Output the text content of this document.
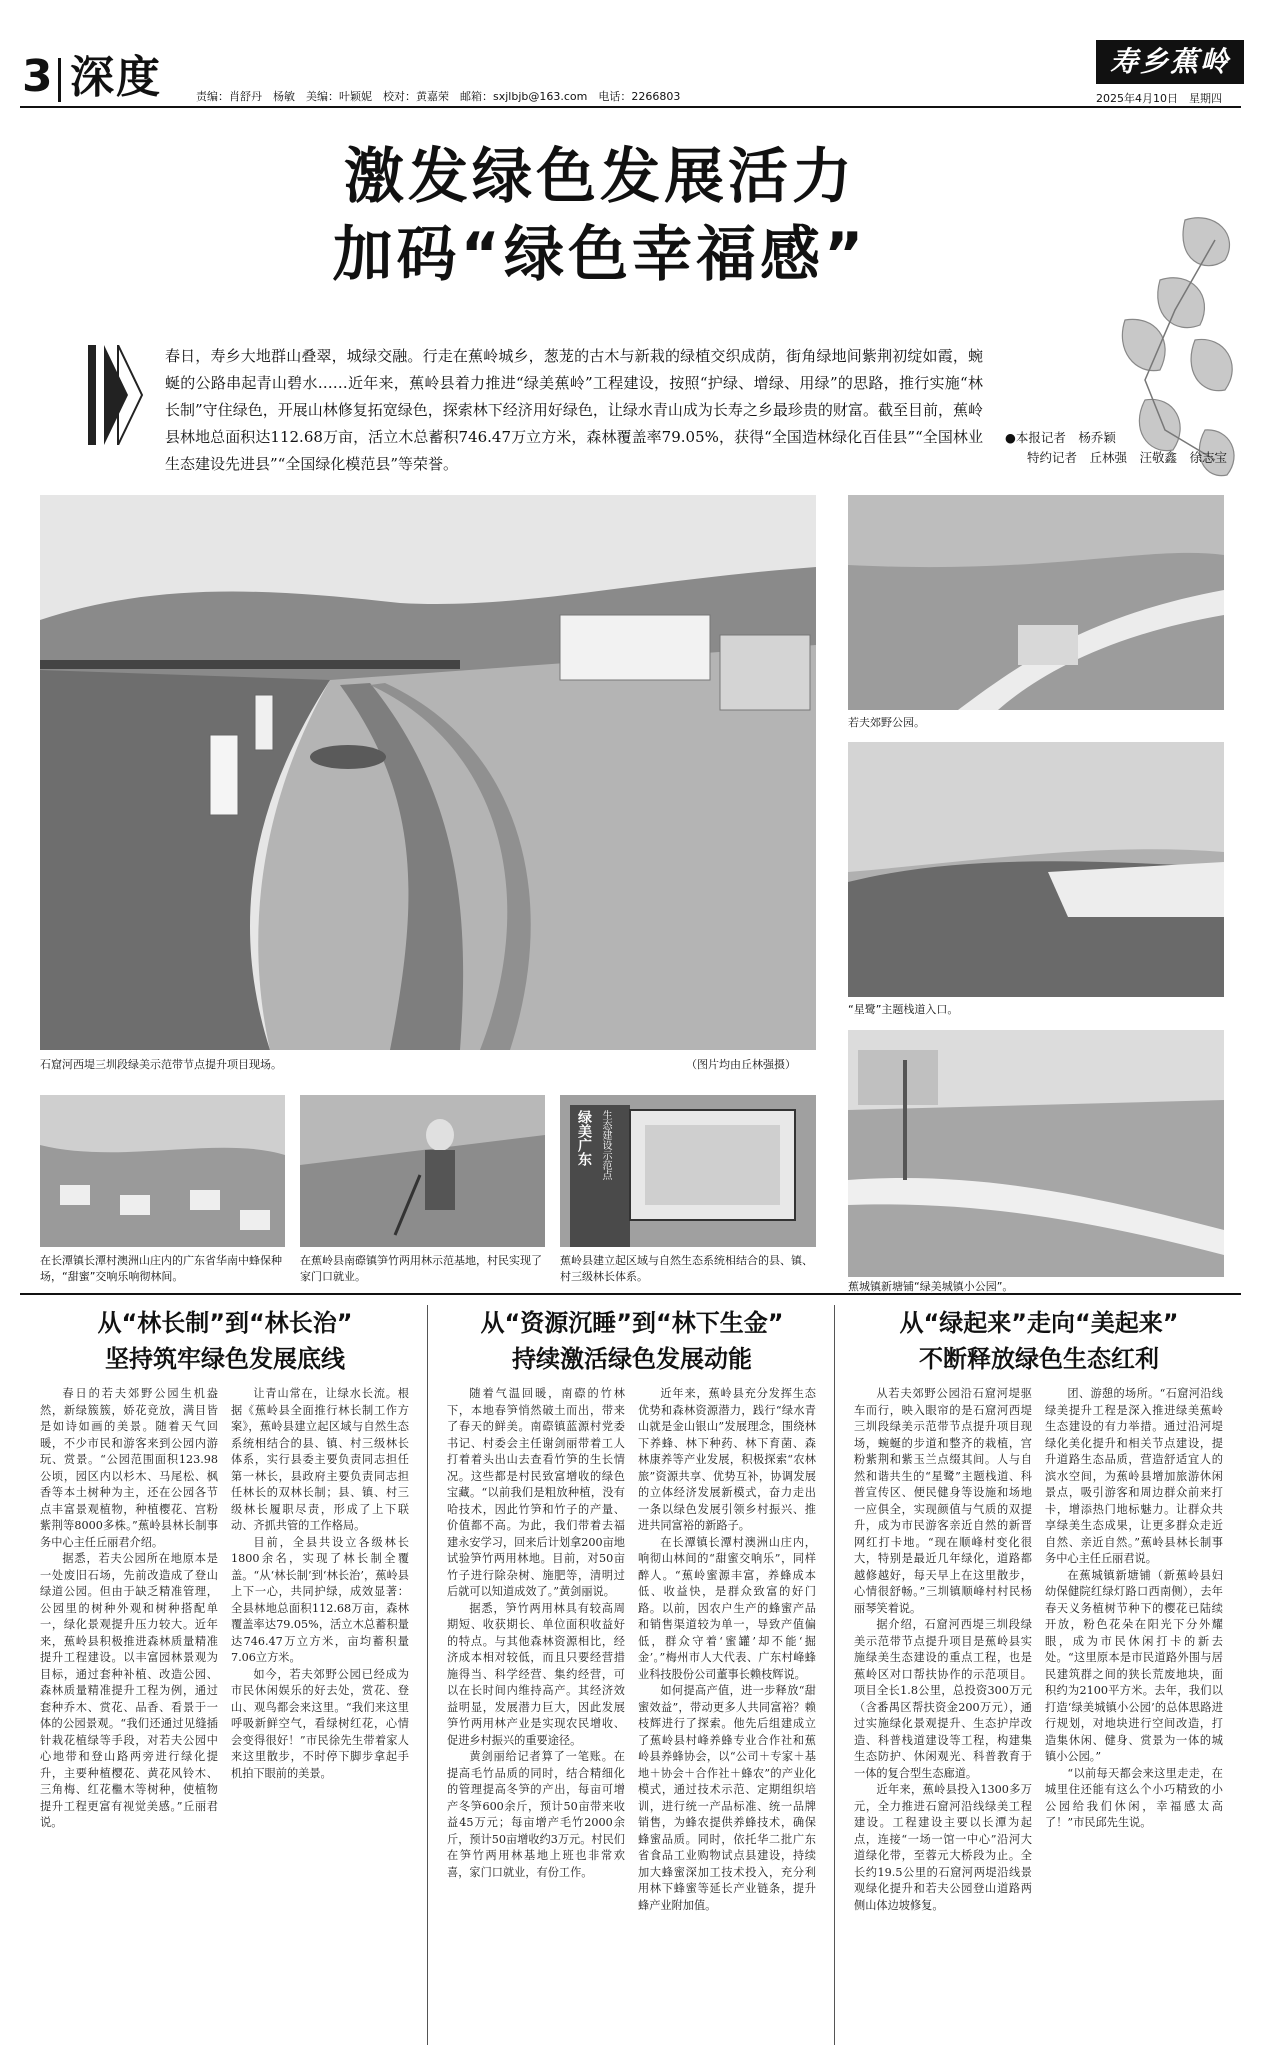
3 深度	责编：肖舒丹　杨敏　美编：叶颖妮　校对：黄嘉荣　邮箱：sxjlbjb@163.com　电话：2266803
寿乡蕉岭
2025年4月10日　星期四
激发绿色发展活力
加码“绿色幸福感”
春日，寿乡大地群山叠翠，城绿交融。行走在蕉岭城乡，葱茏的古木与新栽的绿植交织成荫，街角绿地间紫荆初绽如霞，蜿蜒的公路串起青山碧水……近年来，蕉岭县着力推进“绿美蕉岭”工程建设，按照“护绿、增绿、用绿”的思路，推行实施“林长制”守住绿色，开展山林修复拓宽绿色，探索林下经济用好绿色，让绿水青山成为长寿之乡最珍贵的财富。截至目前，蕉岭县林地总面积达112.68万亩，活立木总蓄积746.47万立方米，森林覆盖率79.05%，获得“全国造林绿化百佳县”“全国林业生态建设先进县”“全国绿化模范县”等荣誉。
●本报记者　杨乔颖
特约记者　丘林强　汪敬鑫　徐志宝
石窟河西堤三圳段绿美示范带节点提升项目现场。	（图片均由丘林强摄）
在长潭镇长潭村澳洲山庄内的广东省华南中蜂保种场，“甜蜜”交响乐响彻林间。
在蕉岭县南磜镇笋竹两用林示范基地，村民实现了家门口就业。
绿美广东 生态建设示范点
蕉岭县建立起区域与自然生态系统相结合的县、镇、村三级林长体系。
若夫郊野公园。
“星鹭”主题栈道入口。
蕉城镇新塘铺“绿美城镇小公园”。
从“林长制”到“林长治”
坚持筑牢绿色发展底线

春日的若夫郊野公园生机盎然，新绿簇簇，娇花竞放，满目皆是如诗如画的美景。随着天气回暖，不少市民和游客来到公园内游玩、赏景。“公园范围面积123.98公顷，园区内以杉木、马尾松、枫香等本土树种为主，还在公园各节点丰富景观植物，种植樱花、宫粉紫荆等8000多株。”蕉岭县林长制事务中心主任丘丽君介绍。

据悉，若夫公园所在地原本是一处废旧石场，先前改造成了登山绿道公园。但由于缺乏精准管理，公园里的树种外观和树种搭配单一，绿化景观提升压力较大。近年来，蕉岭县积极推进森林质量精准提升工程建设。以丰富园林景观为目标，通过套种补植、改造公园、森林质量精准提升工程为例，通过套种乔木、赏花、品香、看景于一体的公园景观。“我们还通过见缝插针栽花植绿等手段，对若夫公园中心地带和登山路两旁进行绿化提升，主要种植樱花、黄花风铃木、三角梅、红花檵木等树种，使植物提升工程更富有视觉美感。”丘丽君说。

让青山常在，让绿水长流。根据《蕉岭县全面推行林长制工作方案》，蕉岭县建立起区域与自然生态系统相结合的县、镇、村三级林长体系，实行县委主要负责同志担任第一林长，县政府主要负责同志担任林长的双林长制；县、镇、村三级林长履职尽责，形成了上下联动、齐抓共管的工作格局。

目前，全县共设立各级林长1800余名，实现了林长制全覆盖。“从‘林长制’到‘林长治’，蕉岭县上下一心，共同护绿，成效显著：全县林地总面积112.68万亩，森林覆盖率达79.05%，活立木总蓄积量达746.47万立方米，亩均蓄积量7.06立方米。

如今，若夫郊野公园已经成为市民休闲娱乐的好去处，赏花、登山、观鸟都会来这里。“我们来这里呼吸新鲜空气，看绿树红花，心情会变得很好！”市民徐先生带着家人来这里散步，不时停下脚步拿起手机拍下眼前的美景。

从“资源沉睡”到“林下生金”
持续激活绿色发展动能

随着气温回暖，南磜的竹林下，本地春笋悄然破土而出，带来了春天的鲜美。南磜镇蓝源村党委书记、村委会主任谢剑丽带着工人打着着头出山去查看竹笋的生长情况。这些都是村民致富增收的绿色宝藏。“以前我们是粗放种植，没有哈技术，因此竹笋和竹子的产量、价值都不高。为此，我们带着去福建永安学习，回来后计划拿200亩地试验笋竹两用林地。目前，对50亩竹子进行除杂树、施肥等，清明过后就可以知道成效了。”黄剑丽说。

据悉，笋竹两用林具有较高周期短、收获期长、单位面积收益好的特点。与其他森林资源相比，经济成本相对较低，而且只要经营措施得当、科学经营、集约经营，可以在长时间内维持高产。其经济效益明显，发展潜力巨大，因此发展笋竹两用林产业是实现农民增收、促进乡村振兴的重要途径。

黄剑丽给记者算了一笔账。在提高毛竹品质的同时，结合精细化的管理提高冬笋的产出，每亩可增产冬笋600余斤，预计50亩带来收益45万元；每亩增产毛竹2000余斤，预计50亩增收约3万元。村民们在笋竹两用林基地上班也非常欢喜，家门口就业，有份工作。

近年来，蕉岭县充分发挥生态优势和森林资源潜力，践行“绿水青山就是金山银山”发展理念，围绕林下养蜂、林下种药、林下育菌、森林康养等产业发展，积极探索“农林旅”资源共享、优势互补，协调发展的立体经济发展新模式，奋力走出一条以绿色发展引领乡村振兴、推进共同富裕的新路子。

在长潭镇长潭村澳洲山庄内，响彻山林间的“甜蜜交响乐”，同样醉人。“蕉岭蜜源丰富，养蜂成本低、收益快，是群众致富的好门路。以前，因农户生产的蜂蜜产品和销售渠道较为单一，导致产值偏低，群众守着‘蜜罐’却不能‘掘金’。”梅州市人大代表、广东村峰蜂业科技股份公司董事长赖枝辉说。

如何提高产值，进一步释放“甜蜜效益”，带动更多人共同富裕？赖枝辉进行了探索。他先后组建成立了蕉岭县村峰养蜂专业合作社和蕉岭县养蜂协会，以“公司＋专家＋基地＋协会＋合作社＋蜂农”的产业化模式，通过技术示范、定期组织培训，进行统一产品标准、统一品牌销售，为蜂农提供养蜂技术，确保蜂蜜品质。同时，依托华二批广东省食品工业购物试点县建设，持续加大蜂蜜深加工技术投入，充分利用林下蜂蜜等延长产业链条，提升蜂产业附加值。

从“绿起来”走向“美起来”
不断释放绿色生态红利

从若夫郊野公园沿石窟河堤驱车而行，映入眼帘的是石窟河西堤三圳段绿美示范带节点提升项目现场，蜿蜒的步道和整齐的栽植，宫粉紫荆和紫玉兰点缀其间。人与自然和谐共生的“星鹭”主题栈道、科普宣传区、便民健身等设施和场地一应俱全，实现颜值与气质的双提升，成为市民游客亲近自然的新晋网红打卡地。“现在顺峰村变化很大，特别是最近几年绿化，道路都越修越好，每天早上在这里散步，心情很舒畅。”三圳镇顺峰村村民杨丽琴笑着说。

据介绍，石窟河西堤三圳段绿美示范带节点提升项目是蕉岭县实施绿美生态建设的重点工程，也是蕉岭区对口帮扶协作的示范项目。项目全长1.8公里，总投资300万元（含番禺区帮扶资金200万元），通过实施绿化景观提升、生态护岸改造、科普栈道建设等工程，构建集生态防护、休闲观光、科普教育于一体的复合型生态廊道。

近年来，蕉岭县投入1300多万元，全力推进石窟河沿线绿美工程建设。工程建设主要以长潭为起点，连接“一场一馆一中心”沿河大道绿化带，至蓉元大桥段为止。全长约19.5公里的石窟河两堤沿线景观绿化提升和若夫公园登山道路两侧山体边坡修复。

团、游憩的场所。“石窟河沿线绿美提升工程是深入推进绿美蕉岭生态建设的有力举措。通过沿河堤绿化美化提升和相关节点建设，提升道路生态品质，营造舒适宜人的滨水空间，为蕉岭县增加旅游休闲景点，吸引游客和周边群众前来打卡，增添热门地标魅力。让群众共享绿美生态成果，让更多群众走近自然、亲近自然。”蕉岭县林长制事务中心主任丘丽君说。

在蕉城镇新塘铺（新蕉岭县妇幼保健院红绿灯路口西南侧），去年春天义务植树节种下的樱花已陆续开放，粉色花朵在阳光下分外耀眼，成为市民休闲打卡的新去处。“这里原本是市民道路外围与居民建筑群之间的狭长荒废地块，面积约为2100平方米。去年，我们以打造‘绿美城镇小公园’的总体思路进行规划，对地块进行空间改造，打造集休闲、健身、赏景为一体的城镇小公园。”

“以前每天都会来这里走走，在城里住还能有这么个小巧精致的小公园给我们休闲，幸福感太高了！”市民邱先生说。
